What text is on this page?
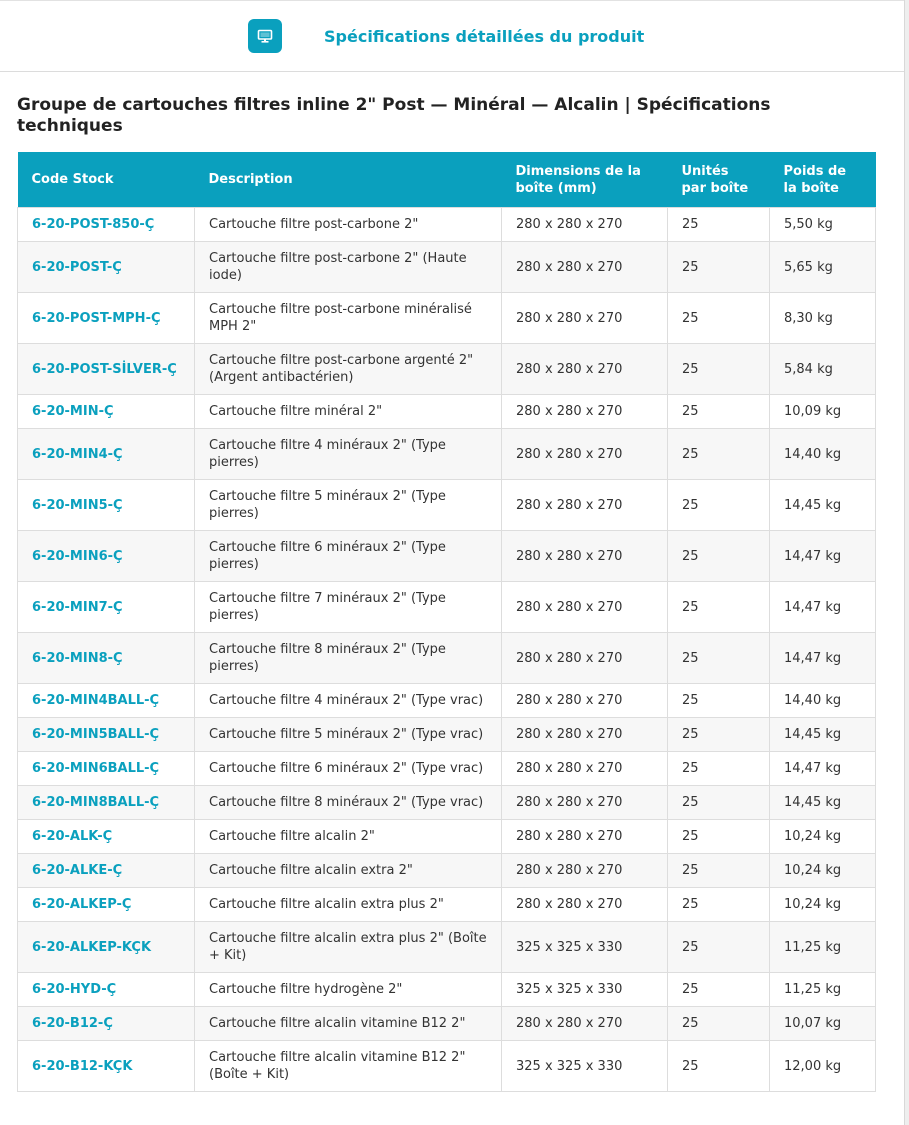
Spécifications détaillées du produit
Groupe de cartouches filtres inline 2" Post — Minéral — Alcalin | Spécifications techniques
Code Stock	Description	Dimensions de la boîte (mm)	Unités par boîte	Poids de la boîte
6-20-POST-850-Ç	Cartouche filtre post-carbone 2"	280 x 280 x 270	25	5,50 kg
6-20-POST-Ç	Cartouche filtre post-carbone 2" (Haute iode)	280 x 280 x 270	25	5,65 kg
6-20-POST-MPH-Ç	Cartouche filtre post-carbone minéralisé MPH 2"	280 x 280 x 270	25	8,30 kg
6-20-POST-SİLVER-Ç	Cartouche filtre post-carbone argenté 2" (Argent antibactérien)	280 x 280 x 270	25	5,84 kg
6-20-MIN-Ç	Cartouche filtre minéral 2"	280 x 280 x 270	25	10,09 kg
6-20-MIN4-Ç	Cartouche filtre 4 minéraux 2" (Type pierres)	280 x 280 x 270	25	14,40 kg
6-20-MIN5-Ç	Cartouche filtre 5 minéraux 2" (Type pierres)	280 x 280 x 270	25	14,45 kg
6-20-MIN6-Ç	Cartouche filtre 6 minéraux 2" (Type pierres)	280 x 280 x 270	25	14,47 kg
6-20-MIN7-Ç	Cartouche filtre 7 minéraux 2" (Type pierres)	280 x 280 x 270	25	14,47 kg
6-20-MIN8-Ç	Cartouche filtre 8 minéraux 2" (Type pierres)	280 x 280 x 270	25	14,47 kg
6-20-MIN4BALL-Ç	Cartouche filtre 4 minéraux 2" (Type vrac)	280 x 280 x 270	25	14,40 kg
6-20-MIN5BALL-Ç	Cartouche filtre 5 minéraux 2" (Type vrac)	280 x 280 x 270	25	14,45 kg
6-20-MIN6BALL-Ç	Cartouche filtre 6 minéraux 2" (Type vrac)	280 x 280 x 270	25	14,47 kg
6-20-MIN8BALL-Ç	Cartouche filtre 8 minéraux 2" (Type vrac)	280 x 280 x 270	25	14,45 kg
6-20-ALK-Ç	Cartouche filtre alcalin 2"	280 x 280 x 270	25	10,24 kg
6-20-ALKE-Ç	Cartouche filtre alcalin extra 2"	280 x 280 x 270	25	10,24 kg
6-20-ALKEP-Ç	Cartouche filtre alcalin extra plus 2"	280 x 280 x 270	25	10,24 kg
6-20-ALKEP-KÇK	Cartouche filtre alcalin extra plus 2" (Boîte + Kit)	325 x 325 x 330	25	11,25 kg
6-20-HYD-Ç	Cartouche filtre hydrogène 2"	325 x 325 x 330	25	11,25 kg
6-20-B12-Ç	Cartouche filtre alcalin vitamine B12 2"	280 x 280 x 270	25	10,07 kg
6-20-B12-KÇK	Cartouche filtre alcalin vitamine B12 2" (Boîte + Kit)	325 x 325 x 330	25	12,00 kg
